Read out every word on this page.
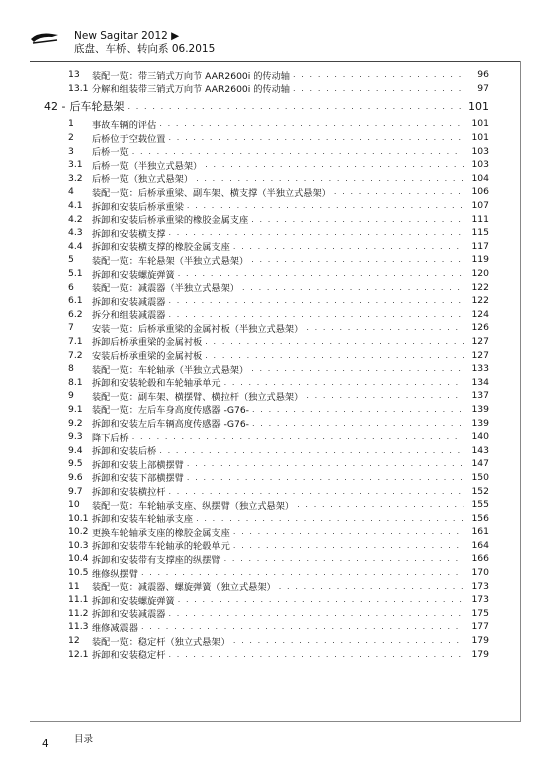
New Sagitar 2012 ▶
底盘、车桥、转向系 06.2015
13	装配一览：带三销式万向节 AAR2600i 的传动轴 . . .	96
13.1 分解和组装带三销式万向节 AAR2600i 的传动轴 . . .	97
42 - 后车轮悬架 . . .	101
1	事故车辆的评估 . . .	101
2	后桥位于空载位置 . . .	101
3	后桥一览 . . .	103
3.1	后桥一览（半独立式悬架） . . .	103
3.2	后桥一览（独立式悬架） . . .	104
4	装配一览：后桥承重梁、副车架、横支撑（半独立式悬架） . . .	106
4.1	拆卸和安装后桥承重梁 . . .	107
4.2	拆卸和安装后桥承重梁的橡胶金属支座 . . .	111
4.3	拆卸和安装横支撑 . . .	115
4.4	拆卸和安装横支撑的橡胶金属支座 . . .	117
5	装配一览：车轮悬架（半独立式悬架） . . .	119
5.1	拆卸和安装螺旋弹簧 . . .	120
6	装配一览：减震器（半独立式悬架） . . .	122
6.1	拆卸和安装减震器 . . .	122
6.2	拆分和组装减震器 . . .	124
7	安装一览：后桥承重梁的金属衬板（半独立式悬架） . . .	126
7.1	拆卸后桥承重梁的金属衬板 . . .	127
7.2	安装后桥承重梁的金属衬板 . . .	127
8	装配一览：车轮轴承（半独立式悬架） . . .	133
8.1	拆卸和安装轮毂和车轮轴承单元 . . .	134
9	装配一览：副车架、横摆臂、横拉杆（独立式悬架） . . .	137
9.1	装配一览：左后车身高度传感器 -G76- . . .	139
9.2	拆卸和安装左后车辆高度传感器 -G76- . . .	139
9.3	降下后桥 . . .	140
9.4	拆卸和安装后桥 . . .	143
9.5	拆卸和安装上部横摆臂 . . .	147
9.6	拆卸和安装下部横摆臂 . . .	150
9.7	拆卸和安装横拉杆 . . .	152
10	装配一览：车轮轴承支座、纵摆臂（独立式悬架） . . .	155
10.1 拆卸和安装车轮轴承支座 . . .	156
10.2 更换车轮轴承支座的橡胶金属支座 . . .	161
10.3 拆卸和安装带车轮轴承的轮毂单元 . . .	164
10.4 拆卸和安装带有支撑座的纵摆臂 . . .	166
10.5 维修纵摆臂 . . .	170
11	装配一览：减震器、螺旋弹簧（独立式悬架） . . .	173
11.1 拆卸和安装螺旋弹簧 . . .	173
11.2 拆卸和安装减震器 . . .	175
11.3 维修减震器 . . .	177
12	装配一览：稳定杆（独立式悬架） . . .	179
12.1 拆卸和安装稳定杆 . . .	179
4	目录
